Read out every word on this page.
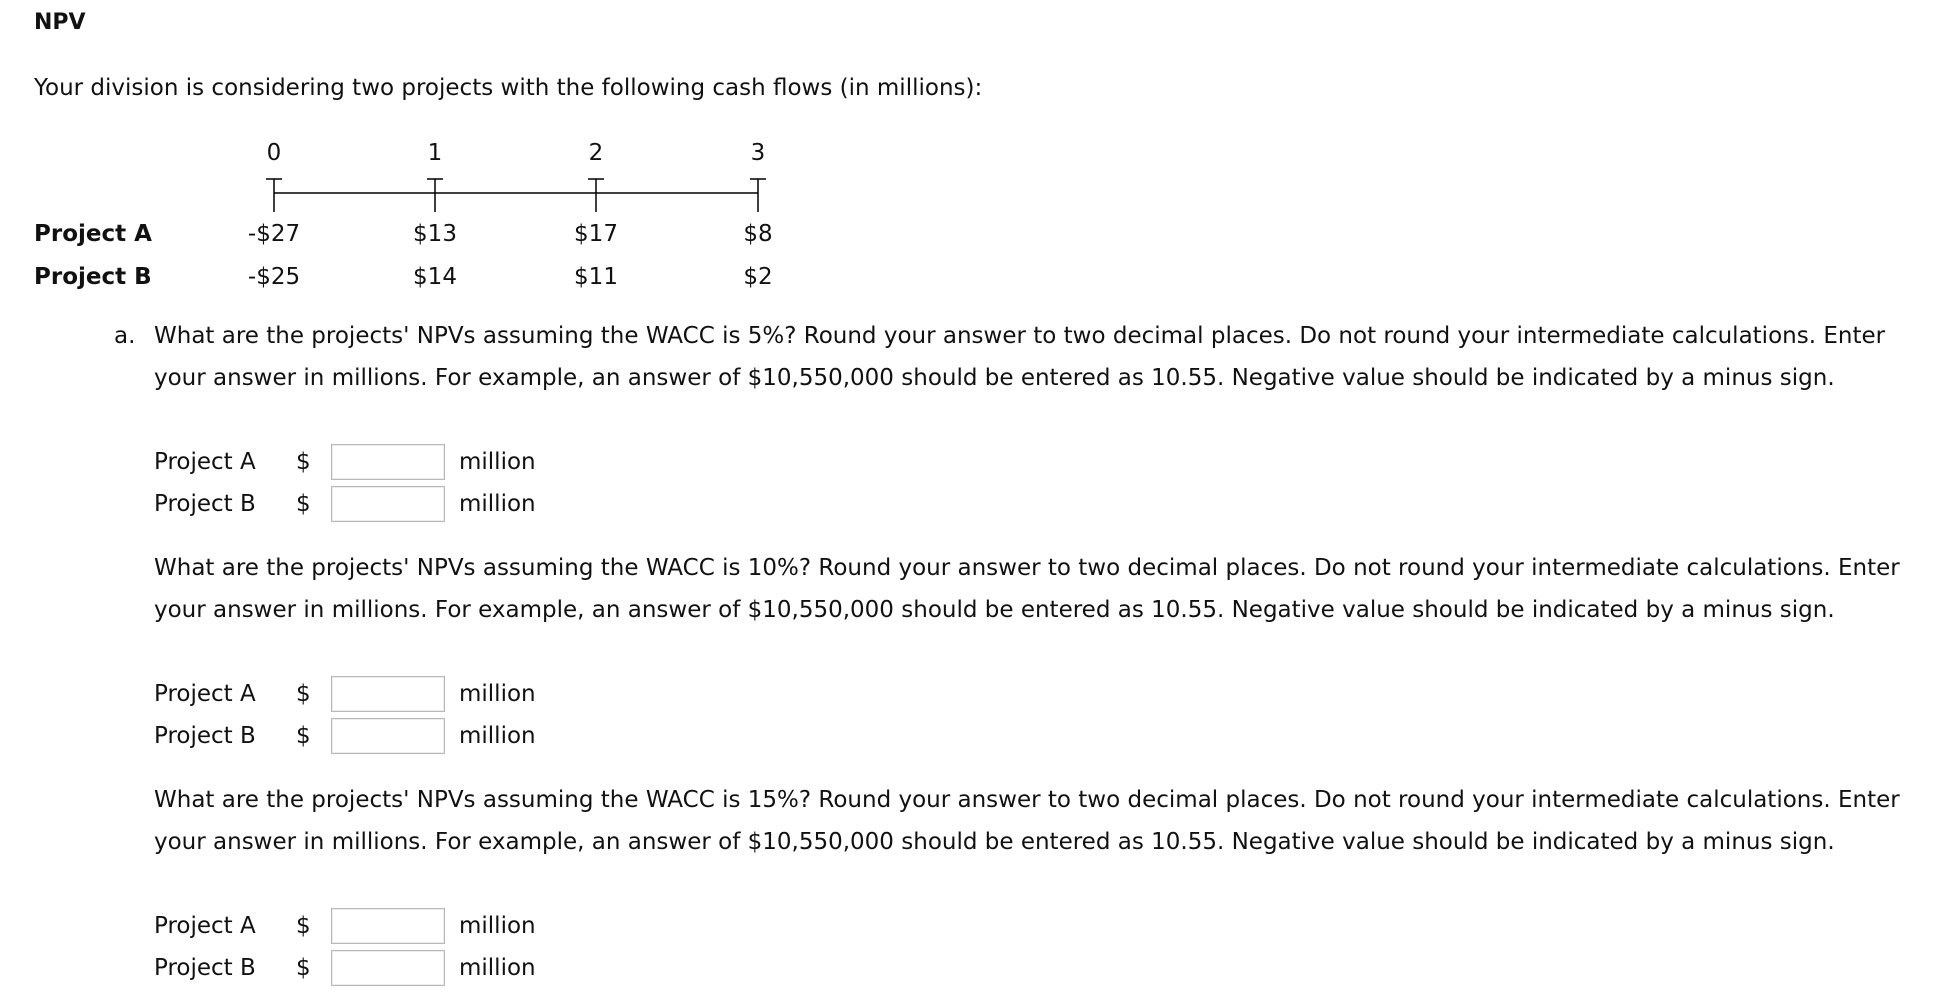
NPV
Your division is considering two projects with the following cash flows (in millions):
0	1	2	3
Project A	-$27	$13	$17	$8
Project B	-$25	$14	$11	$2
a. What are the projects' NPVs assuming the WACC is 5%? Round your answer to two decimal places. Do not round your intermediate calculations. Enter your answer in millions. For example, an answer of $10,550,000 should be entered as 10.55. Negative value should be indicated by a minus sign.
Project A $	million
Project B $	million
What are the projects' NPVs assuming the WACC is 10%? Round your answer to two decimal places. Do not round your intermediate calculations. Enter your answer in millions. For example, an answer of $10,550,000 should be entered as 10.55. Negative value should be indicated by a minus sign.
Project A $	million
Project B $	million
What are the projects' NPVs assuming the WACC is 15%? Round your answer to two decimal places. Do not round your intermediate calculations. Enter your answer in millions. For example, an answer of $10,550,000 should be entered as 10.55. Negative value should be indicated by a minus sign.
Project A $	million
Project B $	million
